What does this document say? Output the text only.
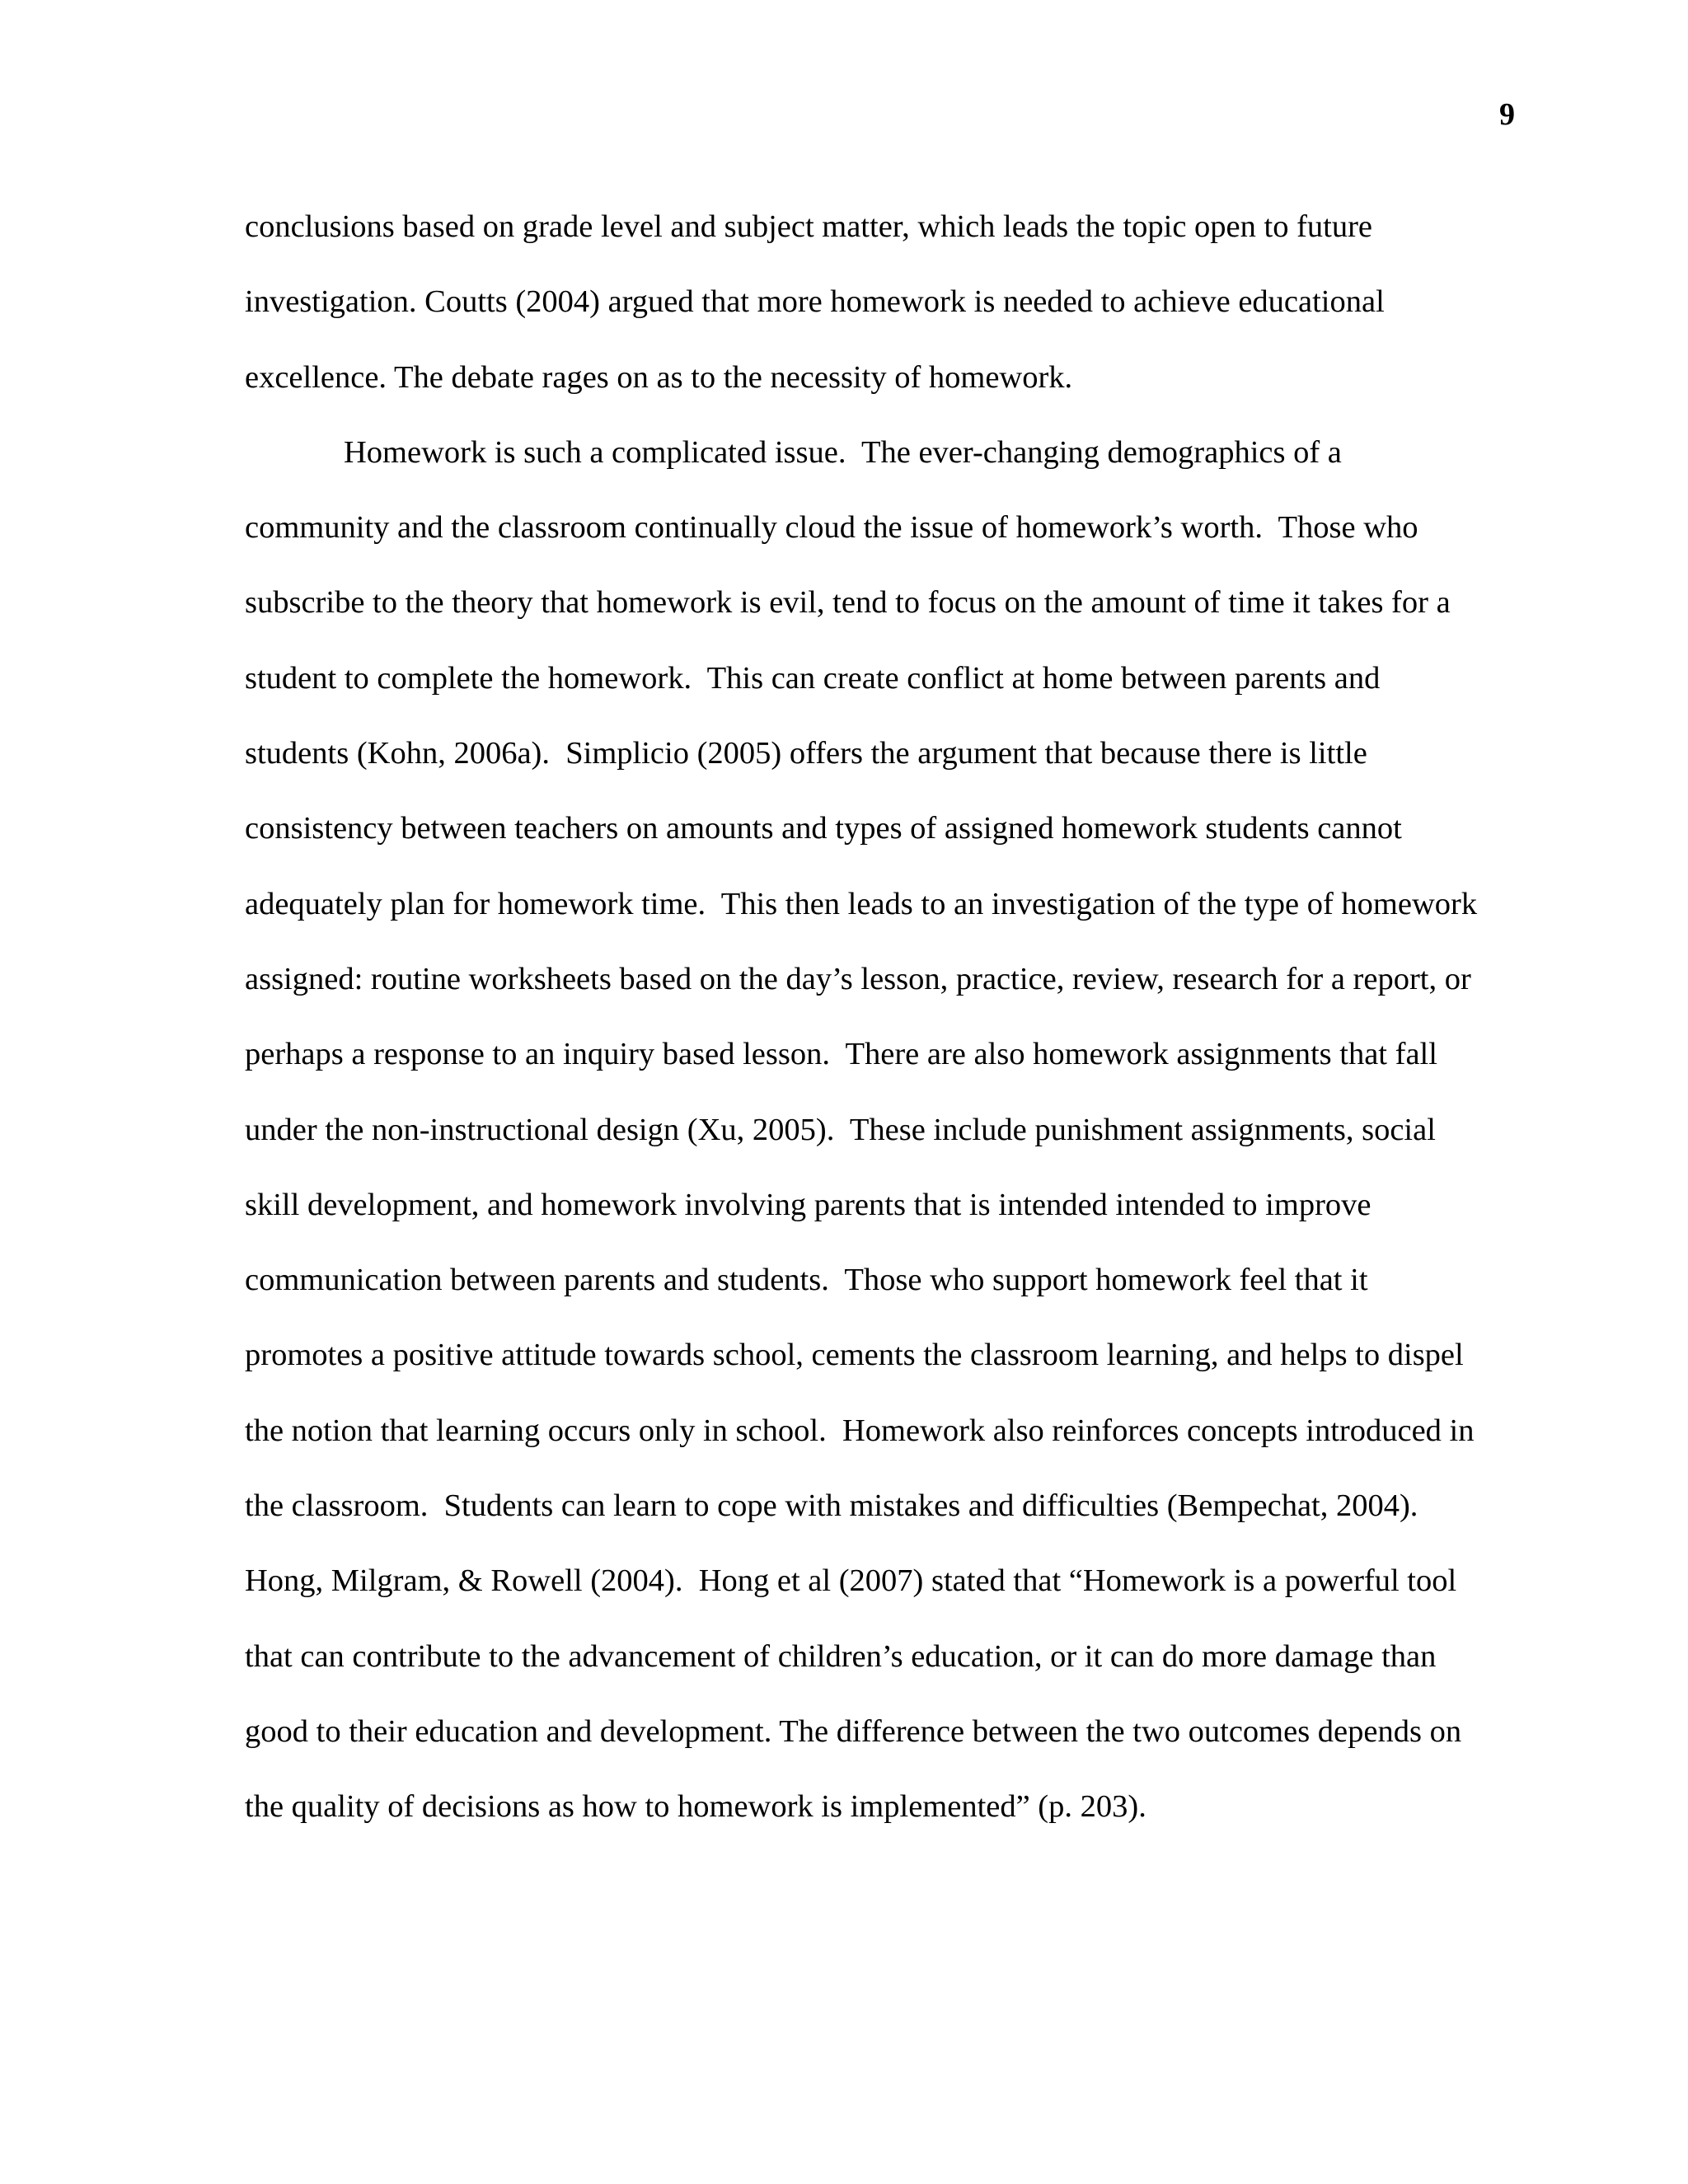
9
conclusions based on grade level and subject matter, which leads the topic open to future
investigation. Coutts (2004) argued that more homework is needed to achieve educational
excellence. The debate rages on as to the necessity of homework.
Homework is such a complicated issue.  The ever-changing demographics of a
community and the classroom continually cloud the issue of homework’s worth.  Those who
subscribe to the theory that homework is evil, tend to focus on the amount of time it takes for a
student to complete the homework.  This can create conflict at home between parents and
students (Kohn, 2006a).  Simplicio (2005) offers the argument that because there is little
consistency between teachers on amounts and types of assigned homework students cannot
adequately plan for homework time.  This then leads to an investigation of the type of homework
assigned: routine worksheets based on the day’s lesson, practice, review, research for a report, or
perhaps a response to an inquiry based lesson.  There are also homework assignments that fall
under the non-instructional design (Xu, 2005).  These include punishment assignments, social
skill development, and homework involving parents that is intended intended to improve
communication between parents and students.  Those who support homework feel that it
promotes a positive attitude towards school, cements the classroom learning, and helps to dispel
the notion that learning occurs only in school.  Homework also reinforces concepts introduced in
the classroom.  Students can learn to cope with mistakes and difficulties (Bempechat, 2004).
Hong, Milgram, & Rowell (2004).  Hong et al (2007) stated that “Homework is a powerful tool
that can contribute to the advancement of children’s education, or it can do more damage than
good to their education and development. The difference between the two outcomes depends on
the quality of decisions as how to homework is implemented” (p. 203).
